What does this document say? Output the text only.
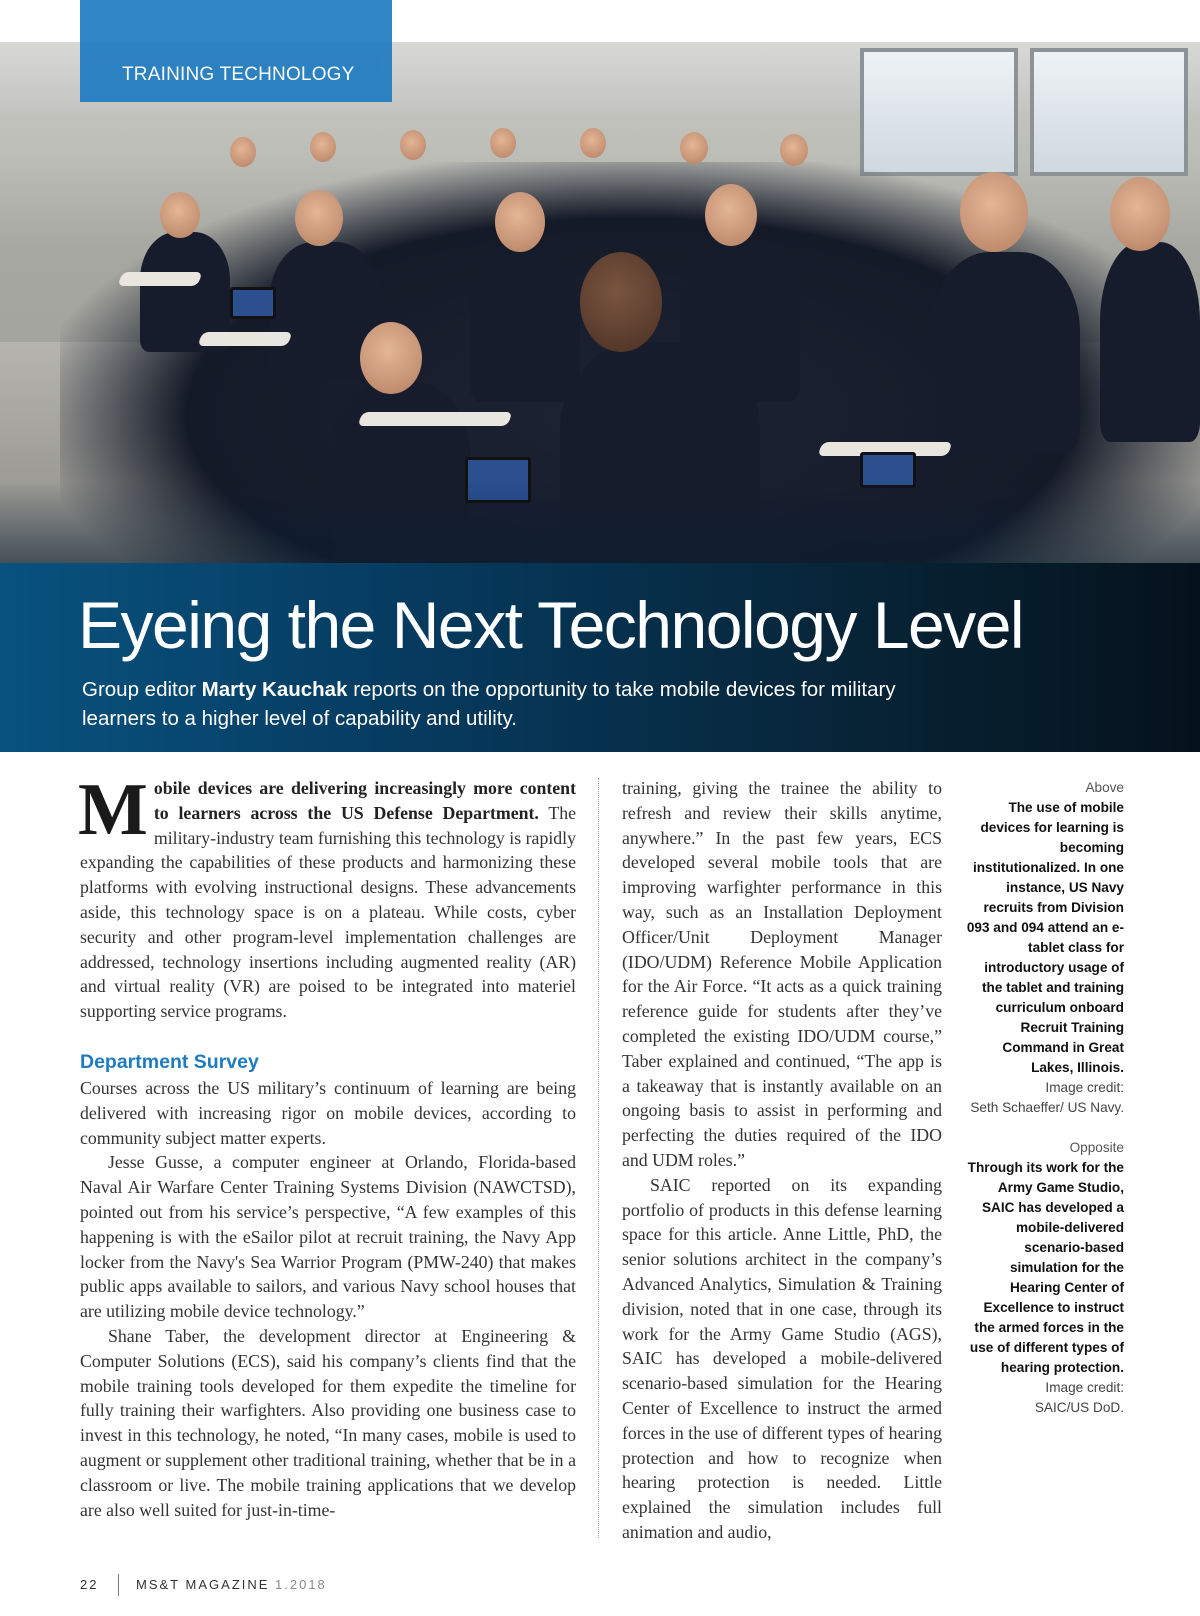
TRAINING TECHNOLOGY
Eyeing the Next Technology Level
Group editor Marty Kauchak reports on the opportunity to take mobile devices for military learners to a higher level of capability and utility.

Mobile devices are delivering increasingly more content to learners across the US Defense Department. The military-industry team furnishing this technology is rapidly expanding the capabilities of these products and harmonizing these platforms with evolving instructional designs. These advancements aside, this technology space is on a plateau. While costs, cyber security and other program-level implementation challenges are addressed, technology insertions including augmented reality (AR) and virtual reality (VR) are poised to be integrated into materiel supporting service programs.

Department Survey

Courses across the US military’s continuum of learning are being delivered with increasing rigor on mobile devices, according to community subject matter experts.

Jesse Gusse, a computer engineer at Orlando, Florida-based Naval Air Warfare Center Training Systems Division (NAWCTSD), pointed out from his service’s perspective, “A few examples of this happening is with the eSailor pilot at recruit training, the Navy App locker from the Navy's Sea Warrior Program (PMW-240) that makes public apps available to sailors, and various Navy school houses that are utilizing mobile device technology.”

Shane Taber, the development director at Engineering & Computer Solutions (ECS), said his company’s clients find that the mobile training tools developed for them expedite the timeline for fully training their warfighters. Also providing one business case to invest in this technology, he noted, “In many cases, mobile is used to augment or supplement other traditional training, whether that be in a classroom or live. The mobile training applications that we develop are also well suited for just-in-time-

training, giving the trainee the ability to refresh and review their skills anytime, anywhere.” In the past few years, ECS developed several mobile tools that are improving warfighter performance in this way, such as an Installation Deployment Officer/Unit Deployment Manager (IDO/UDM) Reference Mobile Application for the Air Force. “It acts as a quick training reference guide for students after they’ve completed the existing IDO/UDM course,” Taber explained and continued, “The app is a takeaway that is instantly available on an ongoing basis to assist in performing and perfecting the duties required of the IDO and UDM roles.”

SAIC reported on its expanding portfolio of products in this defense learning space for this article. Anne Little, PhD, the senior solutions architect in the company’s Advanced Analytics, Simulation & Training division, noted that in one case, through its work for the Army Game Studio (AGS), SAIC has developed a mobile-delivered scenario-based simulation for the Hearing Center of Excellence to instruct the armed forces in the use of different types of hearing protection and how to recognize when hearing protection is needed. Little explained the simulation includes full animation and audio,

Above
The use of mobile devices for learning is becoming institutionalized. In one instance, US Navy recruits from Division 093 and 094 attend an e-tablet class for introductory usage of the tablet and training curriculum onboard Recruit Training Command in Great Lakes, Illinois.
Image credit:
Seth Schaeffer/ US Navy.
Opposite
Through its work for the Army Game Studio, SAIC has developed a mobile-delivered scenario-based simulation for the Hearing Center of Excellence to instruct the armed forces in the use of different types of hearing protection.
Image credit:
SAIC/US DoD.
22	MS&T MAGAZINE 1.2018
